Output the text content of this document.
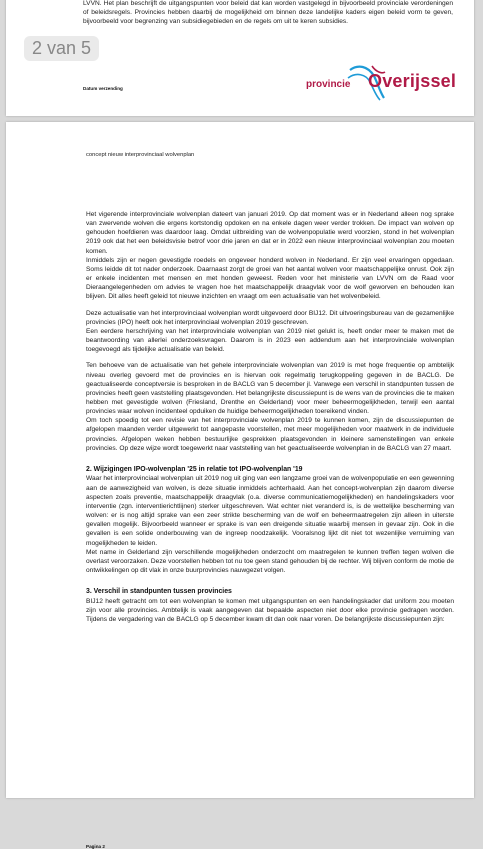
LVVN. Het plan beschrijft de uitgangspunten voor beleid dat kan worden vastgelegd in bijvoorbeeld provinciale verordeningen of beleidsregels. Provincies hebben daarbij de mogelijkheid om binnen deze landelijke kaders eigen beleid vorm te geven, bijvoorbeeld voor begrenzing van subsidiegebieden en de regels om uit te keren subsidies.

Datum verzending	provincie Overijssel
2 van 5
concept nieuw interprovinciaal wolvenplan

Het vigerende interprovinciale wolvenplan dateert van januari 2019. Op dat moment was er in Nederland alleen nog sprake van zwervende wolven die ergens kortstondig opdoken en na enkele dagen weer verder trokken. De impact van wolven op gehouden hoefdieren was daardoor laag. Omdat uitbreiding van de wolvenpopulatie werd voorzien, stond in het wolvenplan 2019 ook dat het een beleidsvisie betrof voor drie jaren en dat er in 2022 een nieuw interprovinciaal wolvenplan zou moeten komen.

Inmiddels zijn er negen gevestigde roedels en ongeveer honderd wolven in Nederland. Er zijn veel ervaringen opgedaan. Soms leidde dit tot nader onderzoek. Daarnaast zorgt de groei van het aantal wolven voor maatschappelijke onrust. Ook zijn er enkele incidenten met mensen en met honden geweest. Reden voor het ministerie van LVVN om de Raad voor Dieraangelegenheden om advies te vragen hoe het maatschappelijk draagvlak voor de wolf geworven en behouden kan blijven. Dit alles heeft geleid tot nieuwe inzichten en vraagt om een actualisatie van het wolvenbeleid.

Deze actualisatie van het interprovinciaal wolvenplan wordt uitgevoerd door BIJ12. Dit uitvoeringsbureau van de gezamenlijke provincies (IPO) heeft ook het interprovinciaal wolvenplan 2019 geschreven.

Een eerdere herschrijving van het interprovinciale wolvenplan van 2019 niet gelukt is, heeft onder meer te maken met de beantwoording van allerlei onderzoeksvragen. Daarom is in 2023 een addendum aan het interprovinciale wolvenplan toegevoegd als tijdelijke actualisatie van beleid.

Ten behoeve van de actualisatie van het gehele interprovinciale wolvenplan van 2019 is met hoge frequentie op ambtelijk niveau overleg gevoerd met de provincies en is hiervan ook regelmatig terugkoppeling gegeven in de BACLG. De geactualiseerde conceptversie is besproken in de BACLG van 5 december jl. Vanwege een verschil in standpunten tussen de provincies heeft geen vaststelling plaatsgevonden. Het belangrijkste discussiepunt is de wens van de provincies die te maken hebben met gevestigde wolven (Friesland, Drenthe en Gelderland) voor meer beheermogelijkheden, terwijl een aantal provincies waar wolven incidenteel opduiken de huidige beheermogelijkheden toereikend vinden.

Om toch spoedig tot een revisie van het interprovinciale wolvenplan 2019 te kunnen komen, zijn de discussiepunten de afgelopen maanden verder uitgewerkt tot aangepaste voorstellen, met meer mogelijkheden voor maatwerk in de individuele provincies. Afgelopen weken hebben bestuurlijke gesprekken plaatsgevonden in kleinere samenstellingen van enkele provincies. Op deze wijze wordt toegewerkt naar vaststelling van het geactualiseerde wolvenplan in de BACLG van 27 maart.

2. Wijzigingen IPO-wolvenplan '25 in relatie tot IPO-wolvenplan '19

Waar het interprovinciaal wolvenplan uit 2019 nog uit ging van een langzame groei van de wolvenpopulatie en een gewenning aan de aanwezigheid van wolven, is deze situatie inmiddels achterhaald. Aan het concept-wolvenplan zijn daarom diverse aspecten zoals preventie, maatschappelijk draagvlak (o.a. diverse communicatiemogelijkheden) en handelingskaders voor interventie (zgn. interventierichtlijnen) sterker uitgeschreven. Wat echter niet veranderd is, is de wettelijke bescherming van wolven: er is nog altijd sprake van een zeer strikte bescherming van de wolf en beheermaatregelen zijn alleen in uiterste gevallen mogelijk. Bijvoorbeeld wanneer er sprake is van een dreigende situatie waarbij mensen in gevaar zijn. Ook in die gevallen is een solide onderbouwing van de ingreep noodzakelijk. Vooralsnog lijkt dit niet tot wezenlijke verruiming van mogelijkheden te leiden.

Met name in Gelderland zijn verschillende mogelijkheden onderzocht om maatregelen te kunnen treffen tegen wolven die overlast veroorzaken. Deze voorstellen hebben tot nu toe geen stand gehouden bij de rechter. Wij blijven conform de motie de ontwikkelingen op dit vlak in onze buurprovincies nauwgezet volgen.

3. Verschil in standpunten tussen provincies

BIJ12 heeft getracht om tot een wolvenplan te komen met uitgangspunten en een handelingskader dat uniform zou moeten zijn voor alle provincies. Ambtelijk is vaak aangegeven dat bepaalde aspecten niet door elke provincie gedragen worden. Tijdens de vergadering van de BACLG op 5 december kwam dit dan ook naar voren. De belangrijkste discussiepunten zijn:

Pagina 2
